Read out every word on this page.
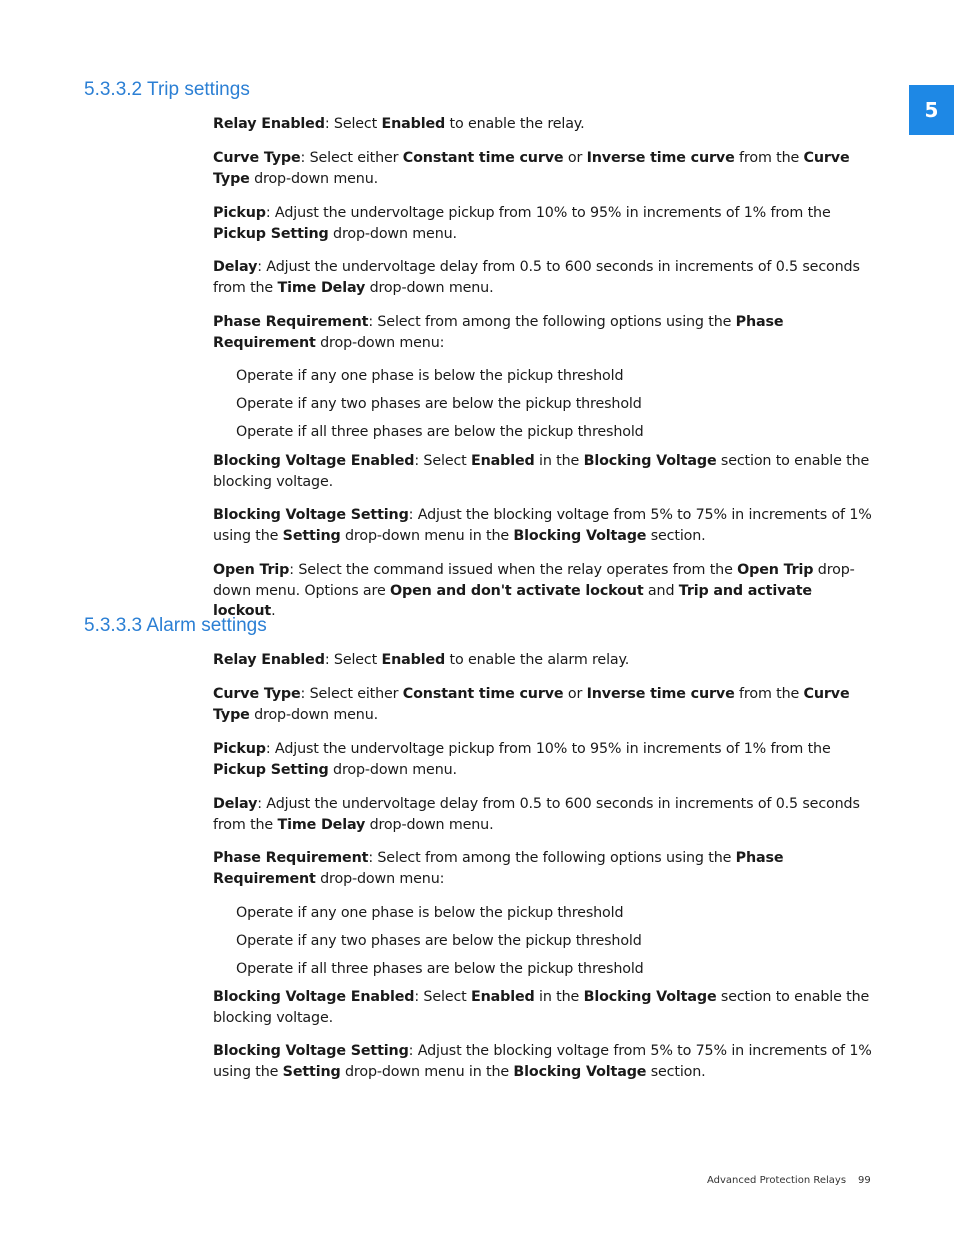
5
5.3.3.2 Trip settings

Relay Enabled: Select Enabled to enable the relay.

Curve Type: Select either Constant time curve or Inverse time curve from the Curve Type drop-down menu.

Pickup: Adjust the undervoltage pickup from 10% to 95% in increments of 1% from the Pickup Setting drop-down menu.

Delay: Adjust the undervoltage delay from 0.5 to 600 seconds in increments of 0.5 seconds from the Time Delay drop-down menu.

Phase Requirement: Select from among the following options using the Phase Requirement drop-down menu:

Operate if any one phase is below the pickup threshold

Operate if any two phases are below the pickup threshold

Operate if all three phases are below the pickup threshold

Blocking Voltage Enabled: Select Enabled in the Blocking Voltage section to enable the blocking voltage.

Blocking Voltage Setting: Adjust the blocking voltage from 5% to 75% in increments of 1% using the Setting drop-down menu in the Blocking Voltage section.

Open Trip: Select the command issued when the relay operates from the Open Trip drop-down menu. Options are Open and don't activate lockout and Trip and activate lockout.

5.3.3.3 Alarm settings

Relay Enabled: Select Enabled to enable the alarm relay.

Curve Type: Select either Constant time curve or Inverse time curve from the Curve Type drop-down menu.

Pickup: Adjust the undervoltage pickup from 10% to 95% in increments of 1% from the Pickup Setting drop-down menu.

Delay: Adjust the undervoltage delay from 0.5 to 600 seconds in increments of 0.5 seconds from the Time Delay drop-down menu.

Phase Requirement: Select from among the following options using the Phase Requirement drop-down menu:

Operate if any one phase is below the pickup threshold

Operate if any two phases are below the pickup threshold

Operate if all three phases are below the pickup threshold

Blocking Voltage Enabled: Select Enabled in the Blocking Voltage section to enable the blocking voltage.

Blocking Voltage Setting: Adjust the blocking voltage from 5% to 75% in increments of 1% using the Setting drop-down menu in the Blocking Voltage section.

Advanced Protection Relays 99
